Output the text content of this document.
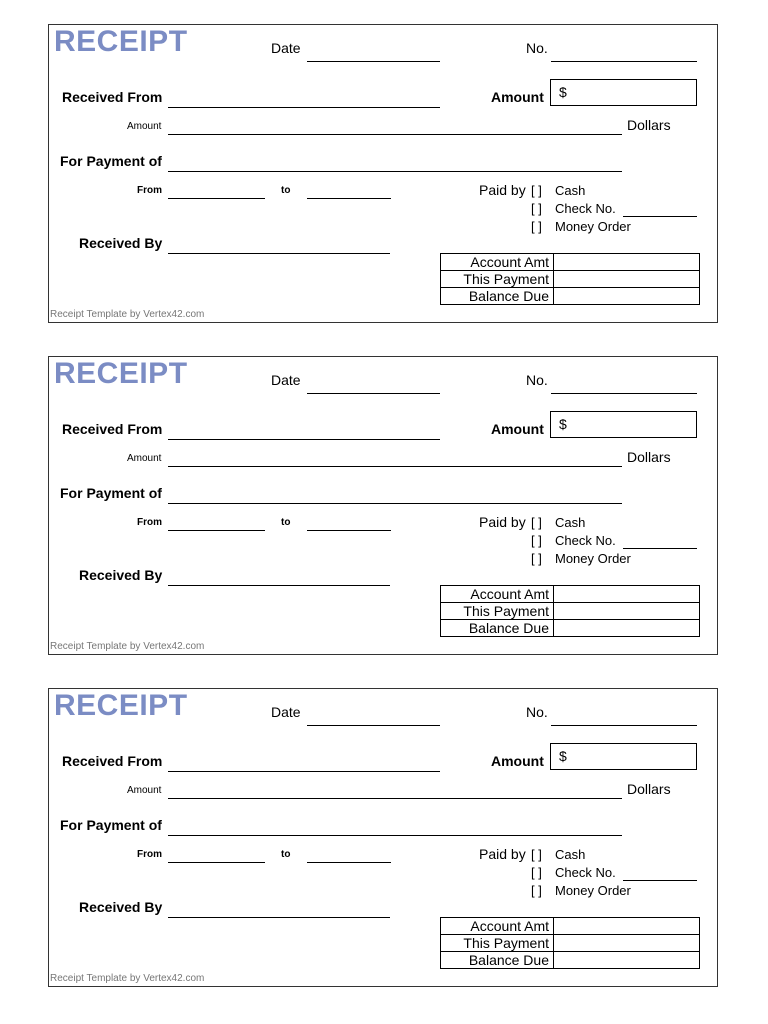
RECEIPT	Date	No.
Received From	Amount $
Amount	Dollars
For Payment of
From	to	Paid by [ ] Cash
[ ] Check No.
[ ] Money Order
Received By
Account Amt	
This Payment	
Balance Due	
Receipt Template by Vertex42.com
RECEIPT	Date	No.
Received From	Amount $
Amount	Dollars
For Payment of
From	to	Paid by [ ] Cash
[ ] Check No.
[ ] Money Order
Received By
Account Amt	
This Payment	
Balance Due	
Receipt Template by Vertex42.com
RECEIPT	Date	No.
Received From	Amount $
Amount	Dollars
For Payment of
From	to	Paid by [ ] Cash
[ ] Check No.
[ ] Money Order
Received By
Account Amt	
This Payment	
Balance Due	
Receipt Template by Vertex42.com
